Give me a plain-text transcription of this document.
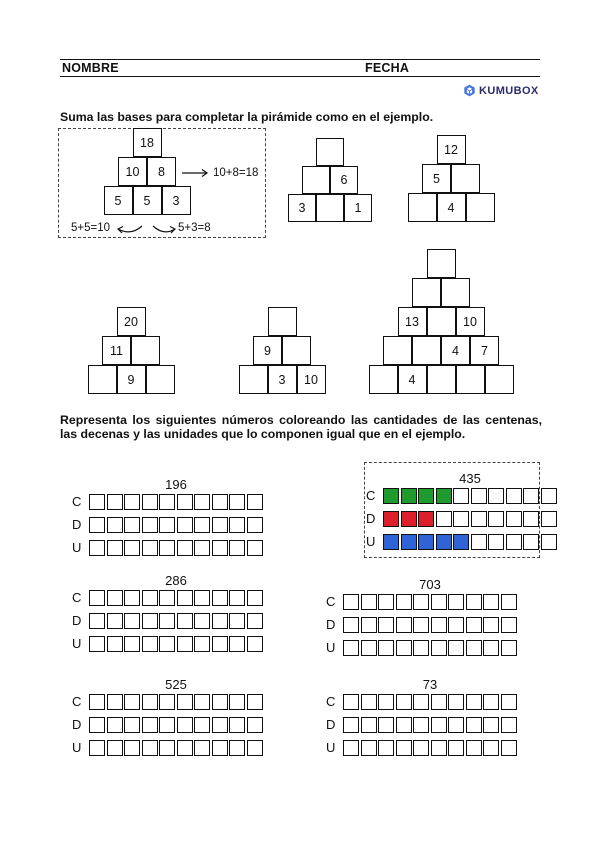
NOMBRE	FECHA
KUMUBOX
Suma las bases para completar la pirámide como en el ejemplo.
18
10	8
5	5	3
6
3	1
12
5
4
20
11
9
9
3	10
13	10
4	7
4
10+8=18
5+5=10	5+3=8
Representa los siguientes números coloreando las cantidades de las centenas, las decenas y las unidades que lo componen igual que en el ejemplo.
435
C
D
U
196
C
D
U
286
C
D
U
703
C
D
U
525
C
D
U
73
C
D
U
